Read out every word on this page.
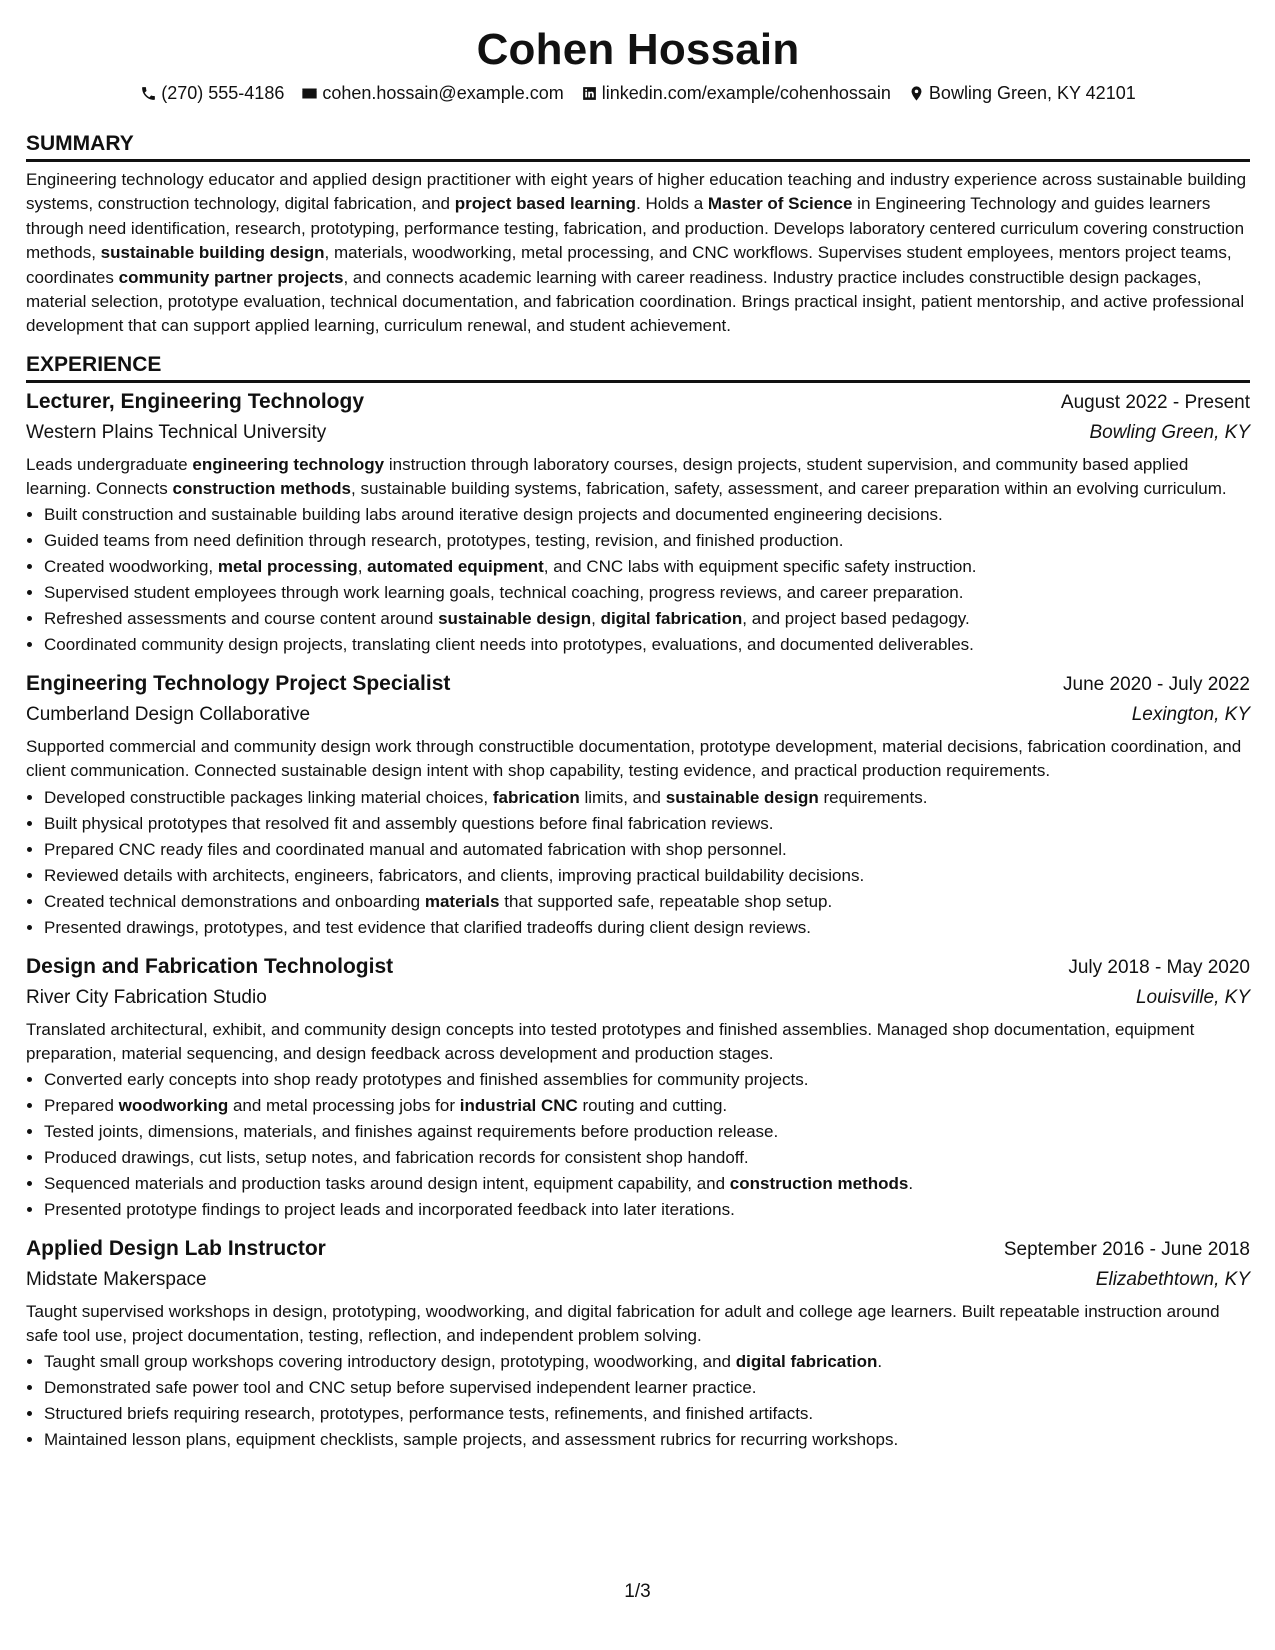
Cohen Hossain
(270) 555-4186 cohen.hossain@example.com linkedin.com/example/cohenhossain Bowling Green, KY 42101
SUMMARY
Engineering technology educator and applied design practitioner with eight years of higher education teaching and industry experience across sustainable building systems, construction technology, digital fabrication, and project based learning. Holds a Master of Science in Engineering Technology and guides learners through need identification, research, prototyping, performance testing, fabrication, and production. Develops laboratory centered curriculum covering construction methods, sustainable building design, materials, woodworking, metal processing, and CNC workflows. Supervises student employees, mentors project teams, coordinates community partner projects, and connects academic learning with career readiness. Industry practice includes constructible design packages, material selection, prototype evaluation, technical documentation, and fabrication coordination. Brings practical insight, patient mentorship, and active professional development that can support applied learning, curriculum renewal, and student achievement.
EXPERIENCE
Lecturer, Engineering Technology	August 2022 - Present
Western Plains Technical University	Bowling Green, KY
Leads undergraduate engineering technology instruction through laboratory courses, design projects, student supervision, and community based applied learning. Connects construction methods, sustainable building systems, fabrication, safety, assessment, and career preparation within an evolving curriculum.
• Built construction and sustainable building labs around iterative design projects and documented engineering decisions.
• Guided teams from need definition through research, prototypes, testing, revision, and finished production.
• Created woodworking, metal processing, automated equipment, and CNC labs with equipment specific safety instruction.
• Supervised student employees through work learning goals, technical coaching, progress reviews, and career preparation.
• Refreshed assessments and course content around sustainable design, digital fabrication, and project based pedagogy.
• Coordinated community design projects, translating client needs into prototypes, evaluations, and documented deliverables.
Engineering Technology Project Specialist	June 2020 - July 2022
Cumberland Design Collaborative	Lexington, KY
Supported commercial and community design work through constructible documentation, prototype development, material decisions, fabrication coordination, and client communication. Connected sustainable design intent with shop capability, testing evidence, and practical production requirements.
• Developed constructible packages linking material choices, fabrication limits, and sustainable design requirements.
• Built physical prototypes that resolved fit and assembly questions before final fabrication reviews.
• Prepared CNC ready files and coordinated manual and automated fabrication with shop personnel.
• Reviewed details with architects, engineers, fabricators, and clients, improving practical buildability decisions.
• Created technical demonstrations and onboarding materials that supported safe, repeatable shop setup.
• Presented drawings, prototypes, and test evidence that clarified tradeoffs during client design reviews.
Design and Fabrication Technologist	July 2018 - May 2020
River City Fabrication Studio	Louisville, KY
Translated architectural, exhibit, and community design concepts into tested prototypes and finished assemblies. Managed shop documentation, equipment preparation, material sequencing, and design feedback across development and production stages.
• Converted early concepts into shop ready prototypes and finished assemblies for community projects.
• Prepared woodworking and metal processing jobs for industrial CNC routing and cutting.
• Tested joints, dimensions, materials, and finishes against requirements before production release.
• Produced drawings, cut lists, setup notes, and fabrication records for consistent shop handoff.
• Sequenced materials and production tasks around design intent, equipment capability, and construction methods.
• Presented prototype findings to project leads and incorporated feedback into later iterations.
Applied Design Lab Instructor	September 2016 - June 2018
Midstate Makerspace	Elizabethtown, KY
Taught supervised workshops in design, prototyping, woodworking, and digital fabrication for adult and college age learners. Built repeatable instruction around safe tool use, project documentation, testing, reflection, and independent problem solving.
• Taught small group workshops covering introductory design, prototyping, woodworking, and digital fabrication.
• Demonstrated safe power tool and CNC setup before supervised independent learner practice.
• Structured briefs requiring research, prototypes, performance tests, refinements, and finished artifacts.
• Maintained lesson plans, equipment checklists, sample projects, and assessment rubrics for recurring workshops.
1/3
